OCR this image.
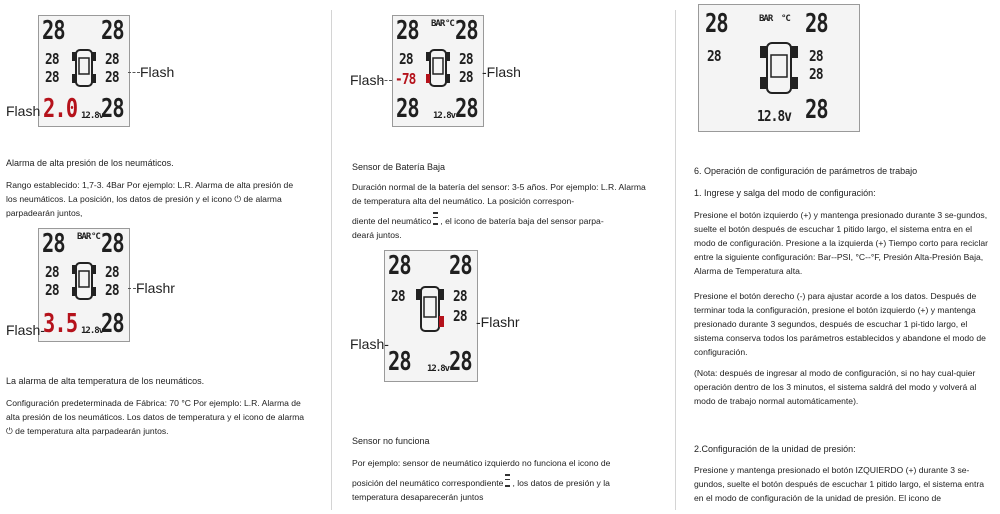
28 28
28	28
28	28
2.0 12.8v
28
Flash
Flash
Alarma de alta presión de los neumáticos.
Rango establecido: 1,7-3. 4Bar Por ejemplo: L.R. Alarma de alta presión de los neumáticos. La posición, los datos de presión y el icono ⏻ de alarma parpadearán juntos,
28 BAR °C 28
28	28
28	28
3.5 12.8v
28
Flashr
Flash-
La alarma de alta temperatura de los neumáticos.
Configuración predeterminada de Fábrica: 70 °C Por ejemplo: L.R. Alarma de alta presión de los neumáticos. Los datos de temperatura y el icono de alarma ⏻ de temperatura alta parpadearán juntos.
28 BAR °C 28
28	28
-78	28
28 12.8v 28
Flash	-Flash
Sensor de Batería Baja

Duración normal de la batería del sensor: 3-5 años. Por ejemplo: L.R. Alarma de temperatura alta del neumático. La posición correspon-

diente del neumático , el icono de batería baja del sensor parpa-

deará juntos.

28 28
28	28
28
28 12.8v 28
-Flashr
Flash-
Sensor no funciona

Por ejemplo: sensor de neumático izquierdo no funciona el icono de

posición del neumático correspondiente , los datos de presión y la

temperatura desaparecerán juntos

28	BAR °C 28
28	28
28
12.8v 28
6. Operación de configuración de parámetros de trabajo
1. Ingrese y salga del modo de configuración:
Presione el botón izquierdo (+) y mantenga presionado durante 3 se-gundos, suelte el botón después de escuchar 1 pitido largo, el sistema entra en el modo de configuración. Presione a la izquierda (+) Tiempo corto para reciclar entre la siguiente configuración: Bar--PSI, °C--°F, Presión Alta-Presión Baja, Alarma de Temperatura alta.
Presione el botón derecho (-) para ajustar acorde a los datos. Después de terminar toda la configuración, presione el botón izquierdo (+) y mantenga presionado durante 3 segundos, después de escuchar 1 pi-tido largo, el sistema conserva todos los parámetros establecidos y abandone el modo de configuración.
(Nota: después de ingresar al modo de configuración, si no hay cual-quier operación dentro de los 3 minutos, el sistema saldrá del modo y volverá al modo de trabajo normal automáticamente).
2.Configuración de la unidad de presión:
Presione y mantenga presionado el botón IZQUIERDO (+) durante 3 se-gundos, suelte el botón después de escuchar 1 pitido largo, el sistema entra en el modo de configuración de la unidad de presión. El icono de
